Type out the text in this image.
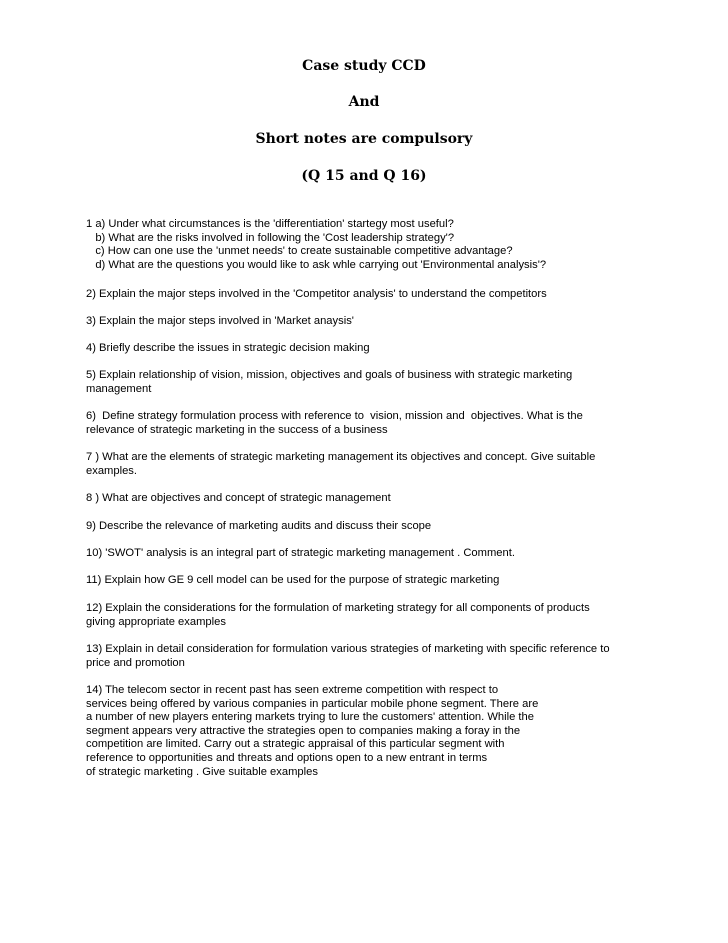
Case study CCD
And
Short notes are compulsory
(Q 15 and Q 16)
1 a) Under what circumstances is the 'differentiation' startegy most useful?
b) What are the risks involved in following the 'Cost leadership strategy'?
c) How can one use the 'unmet needs' to create sustainable competitive advantage?
d) What are the questions you would like to ask whle carrying out 'Environmental analysis'?
2) Explain the major steps involved in the 'Competitor analysis' to understand the competitors
3) Explain the major steps involved in 'Market anaysis'
4) Briefly describe the issues in strategic decision making
5) Explain relationship of vision, mission, objectives and goals of business with strategic marketing
management
6)  Define strategy formulation process with reference to  vision, mission and  objectives. What is the
relevance of strategic marketing in the success of a business
7 ) What are the elements of strategic marketing management its objectives and concept. Give suitable
examples.
8 ) What are objectives and concept of strategic management
9) Describe the relevance of marketing audits and discuss their scope
10) 'SWOT' analysis is an integral part of strategic marketing management . Comment.
11) Explain how GE 9 cell model can be used for the purpose of strategic marketing
12) Explain the considerations for the formulation of marketing strategy for all components of products
giving appropriate examples
13) Explain in detail consideration for formulation various strategies of marketing with specific reference to
price and promotion
14) The telecom sector in recent past has seen extreme competition with respect to
services being offered by various companies in particular mobile phone segment. There are
a number of new players entering markets trying to lure the customers' attention. While the
segment appears very attractive the strategies open to companies making a foray in the
competition are limited. Carry out a strategic appraisal of this particular segment with
reference to opportunities and threats and options open to a new entrant in terms
of strategic marketing . Give suitable examples
